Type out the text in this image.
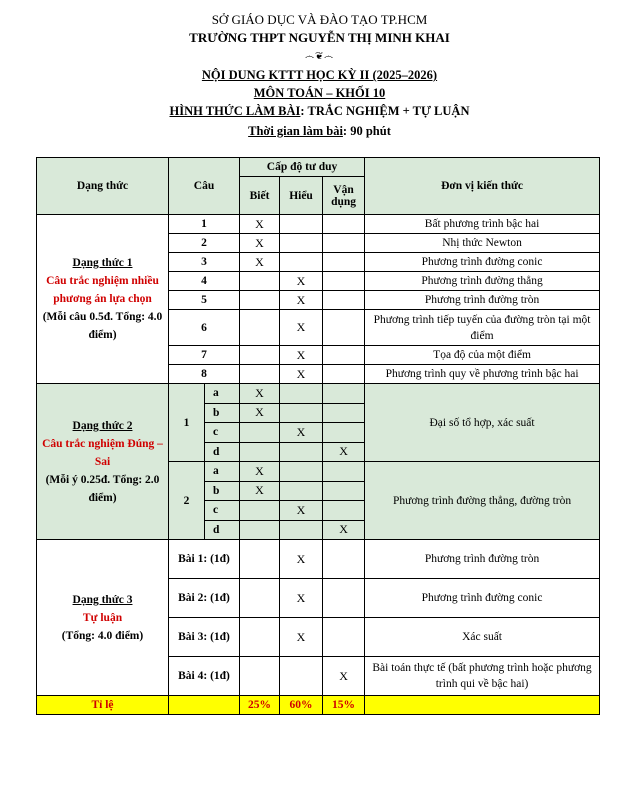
SỞ GIÁO DỤC VÀ ĐÀO TẠO TP.HCM
TRƯỜNG THPT NGUYỄN THỊ MINH KHAI
෴❦෴
NỘI DUNG KTTT HỌC KỲ II (2025–2026)
MÔN TOÁN – KHỐI 10
HÌNH THỨC LÀM BÀI: TRẮC NGHIỆM + TỰ LUẬN
Thời gian làm bài: 90 phút
Dạng thức	Câu		Cấp độ tư duy			Đơn vị kiến thức
			Biết	Hiểu	Vận dụng	

Dạng thức 1
Câu trắc nghiệm nhiều phương án lựa chọn
(Mỗi câu 0.5đ. Tổng: 4.0 điểm)	1		X			Bất phương trình bậc hai
	2		X			Nhị thức Newton
	3		X			Phương trình đường conic
	4			X		Phương trình đường thẳng
	5			X		Phương trình đường tròn
	6			X		Phương trình tiếp tuyến của đường tròn tại một điểm
	7			X		Tọa độ của một điểm
	8			X		Phương trình quy về phương trình bậc hai

Dạng thức 2
Câu trắc nghiệm Đúng – Sai
(Mỗi ý 0.25đ. Tổng: 2.0 điểm)	1	a	X			Đại số tổ hợp, xác suất
		b	X			
		c		X		
		d			X	
	2	a	X			Phương trình đường thẳng, đường tròn
		b	X			
		c		X		
		d			X	

Dạng thức 3
Tự luận
(Tổng: 4.0 điểm)	Bài 1: (1đ)			X		Phương trình đường tròn
	Bài 2: (1đ)			X		Phương trình đường conic
	Bài 3: (1đ)			X		Xác suất
	Bài 4: (1đ)				X	Bài toán thực tế (bất phương trình hoặc phương trình qui về bậc hai)
Tỉ lệ			25%	60%	15%	
